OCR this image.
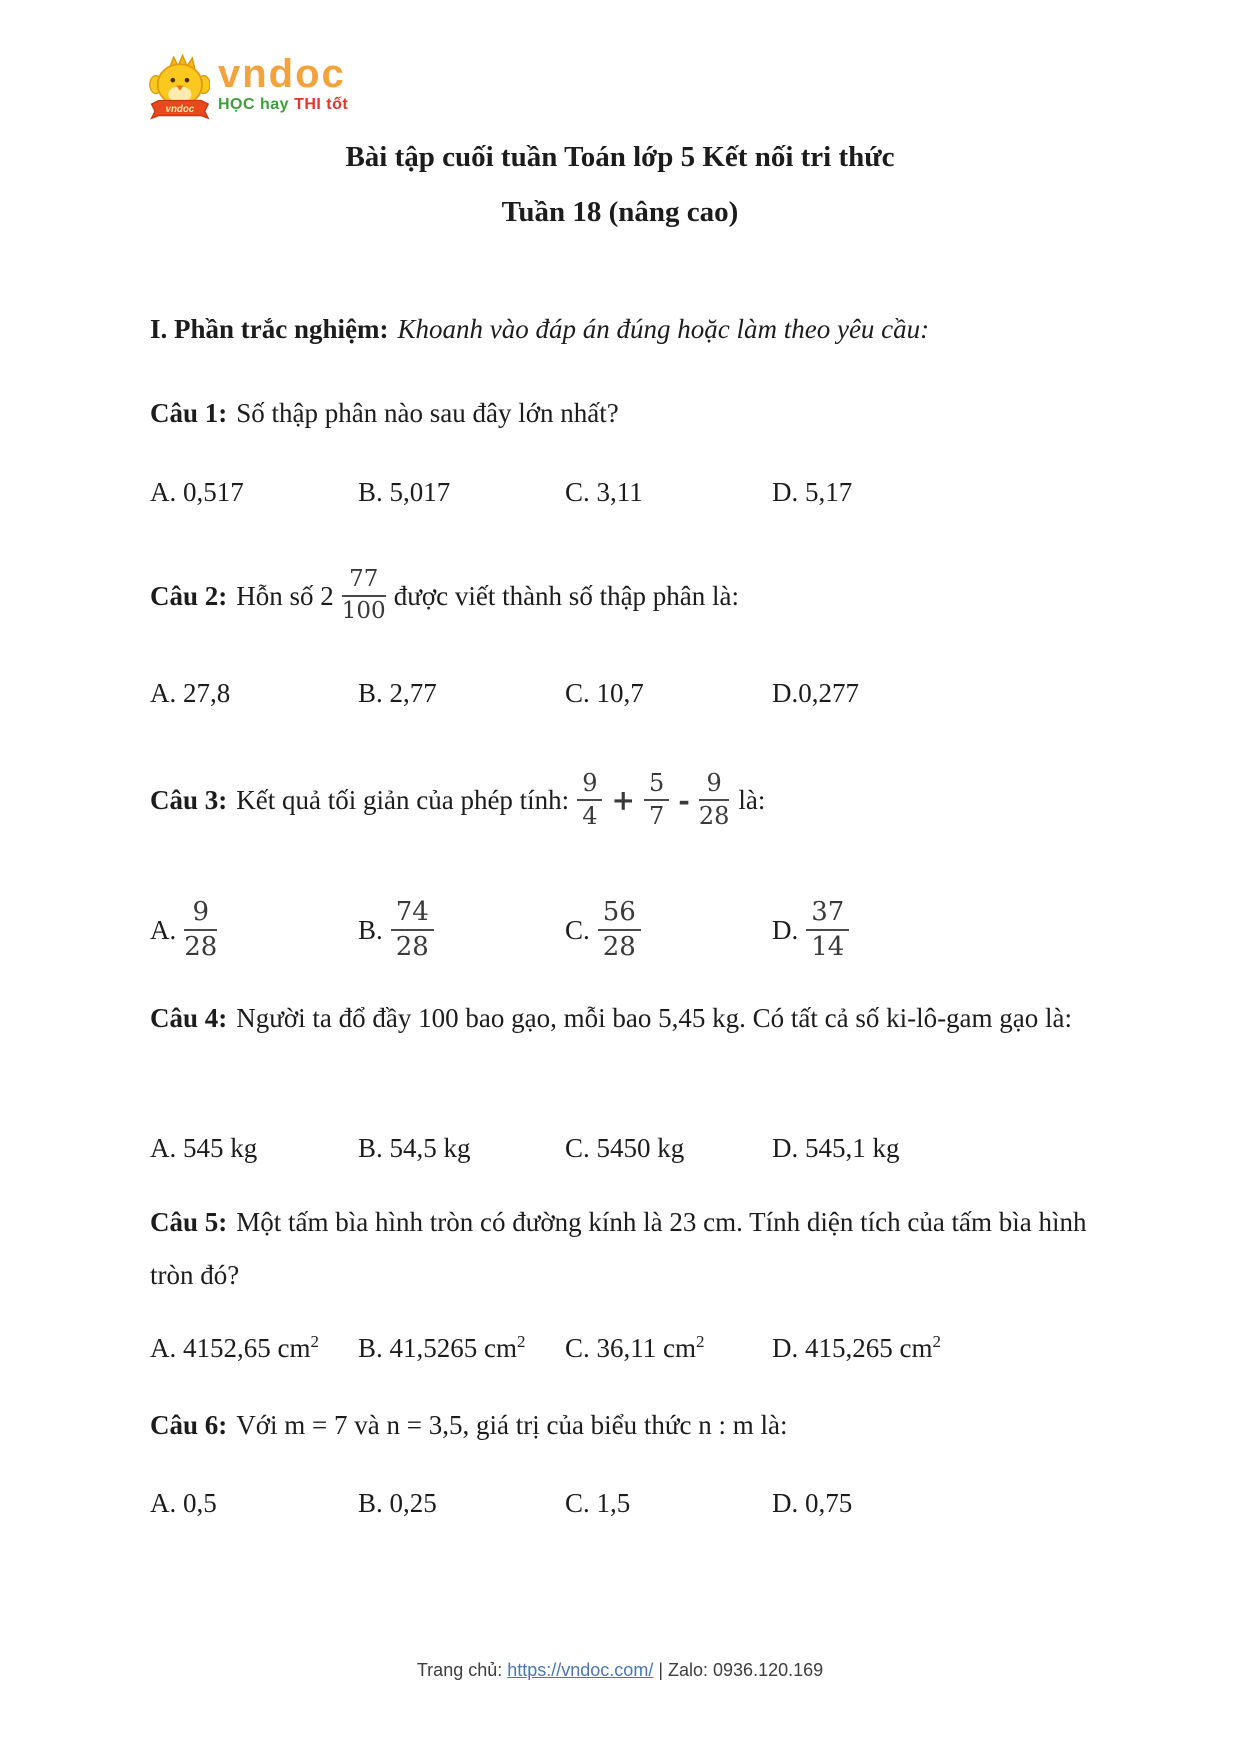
vndoc
vndoc
HỌC hay THI tốt
Bài tập cuối tuần Toán lớp 5 Kết nối tri thức
Tuần 18 (nâng cao)
I. Phần trắc nghiệm: Khoanh vào đáp án đúng hoặc làm theo yêu cầu:
Câu 1: Số thập phân nào sau đây lớn nhất?
A. 0,517	B. 5,017	C. 3,11	D. 5,17
Câu 2: Hỗn số $2 \frac{77}{100}$ được viết thành số thập phân là:
A. 27,8	B. 2,77	C. 10,7	D.0,277
Câu 3: Kết quả tối giản của phép tính: $\frac{9}{4} + \frac{5}{7} - \frac{9}{28}$ là:
A. $\frac{9}{28}$	B. $\frac{74}{28}$	C. $\frac{56}{28}$	D. $\frac{37}{14}$
Câu 4: Người ta đổ đầy 100 bao gạo, mỗi bao 5,45 kg. Có tất cả số ki-lô-gam gạo là:
A. 545 kg	B. 54,5 kg	C. 5450 kg	D. 545,1 kg
Câu 5: Một tấm bìa hình tròn có đường kính là 23 cm. Tính diện tích của tấm bìa hình tròn đó?
A. 4152,65 $cm^2$	B. 41,5265 $cm^2$	C. 36,11 $cm^2$	D. 415,265 $cm^2$
Câu 6: Với m = 7 và n = 3,5, giá trị của biểu thức n : m là:
A. 0,5	B. 0,25	C. 1,5	D. 0,75
Trang chủ: https://vndoc.com/ | Zalo: 0936.120.169
